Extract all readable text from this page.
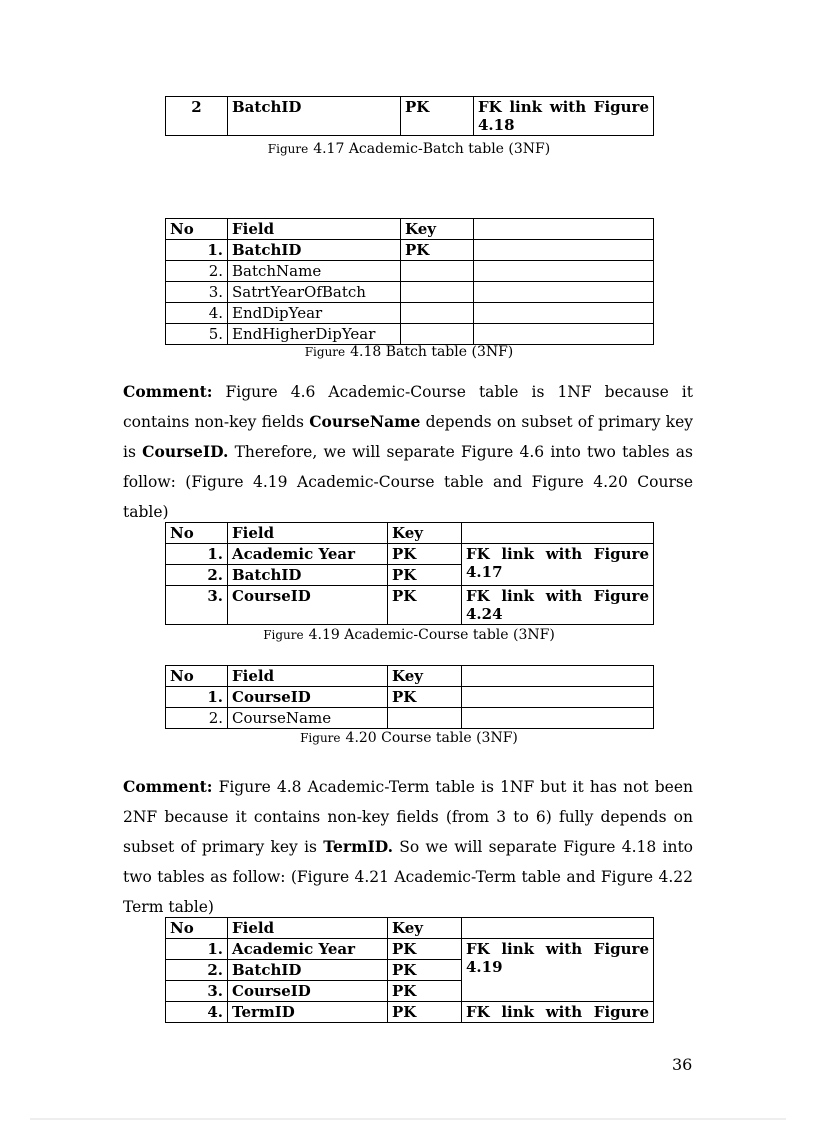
2	BatchID	PK	FK link with Figure 4.18
Figure 4.17 Academic-Batch table (3NF)
No	Field	Key	
1.	BatchID	PK	
2.	BatchName		
3.	SatrtYearOfBatch		
4.	EndDipYear		
5.	EndHigherDipYear		
Figure 4.18 Batch table (3NF)

Comment: Figure 4.6 Academic-Course table is 1NF because it contains non-key fields CourseName depends on subset of primary key is CourseID. Therefore, we will separate Figure 4.6 into two tables as follow: (Figure 4.19 Academic-Course table and Figure 4.20 Course table)

No	Field	Key	
1.	Academic Year	PK	FK link with Figure 4.17
2.	BatchID	PK	
3.	CourseID	PK	FK link with Figure 4.24
Figure 4.19 Academic-Course table (3NF)
No	Field	Key	
1.	CourseID	PK	
2.	CourseName		
Figure 4.20 Course table (3NF)

Comment: Figure 4.8 Academic-Term table is 1NF but it has not been 2NF because it contains non-key fields (from 3 to 6) fully depends on subset of primary key is TermID. So we will separate Figure 4.18 into two tables as follow: (Figure 4.21 Academic-Term table and Figure 4.22 Term table)

No	Field	Key	
1.	Academic Year	PK	FK link with Figure 4.19
2.	BatchID	PK	
3.	CourseID	PK	
4.	TermID	PK	FK link with Figure
36
